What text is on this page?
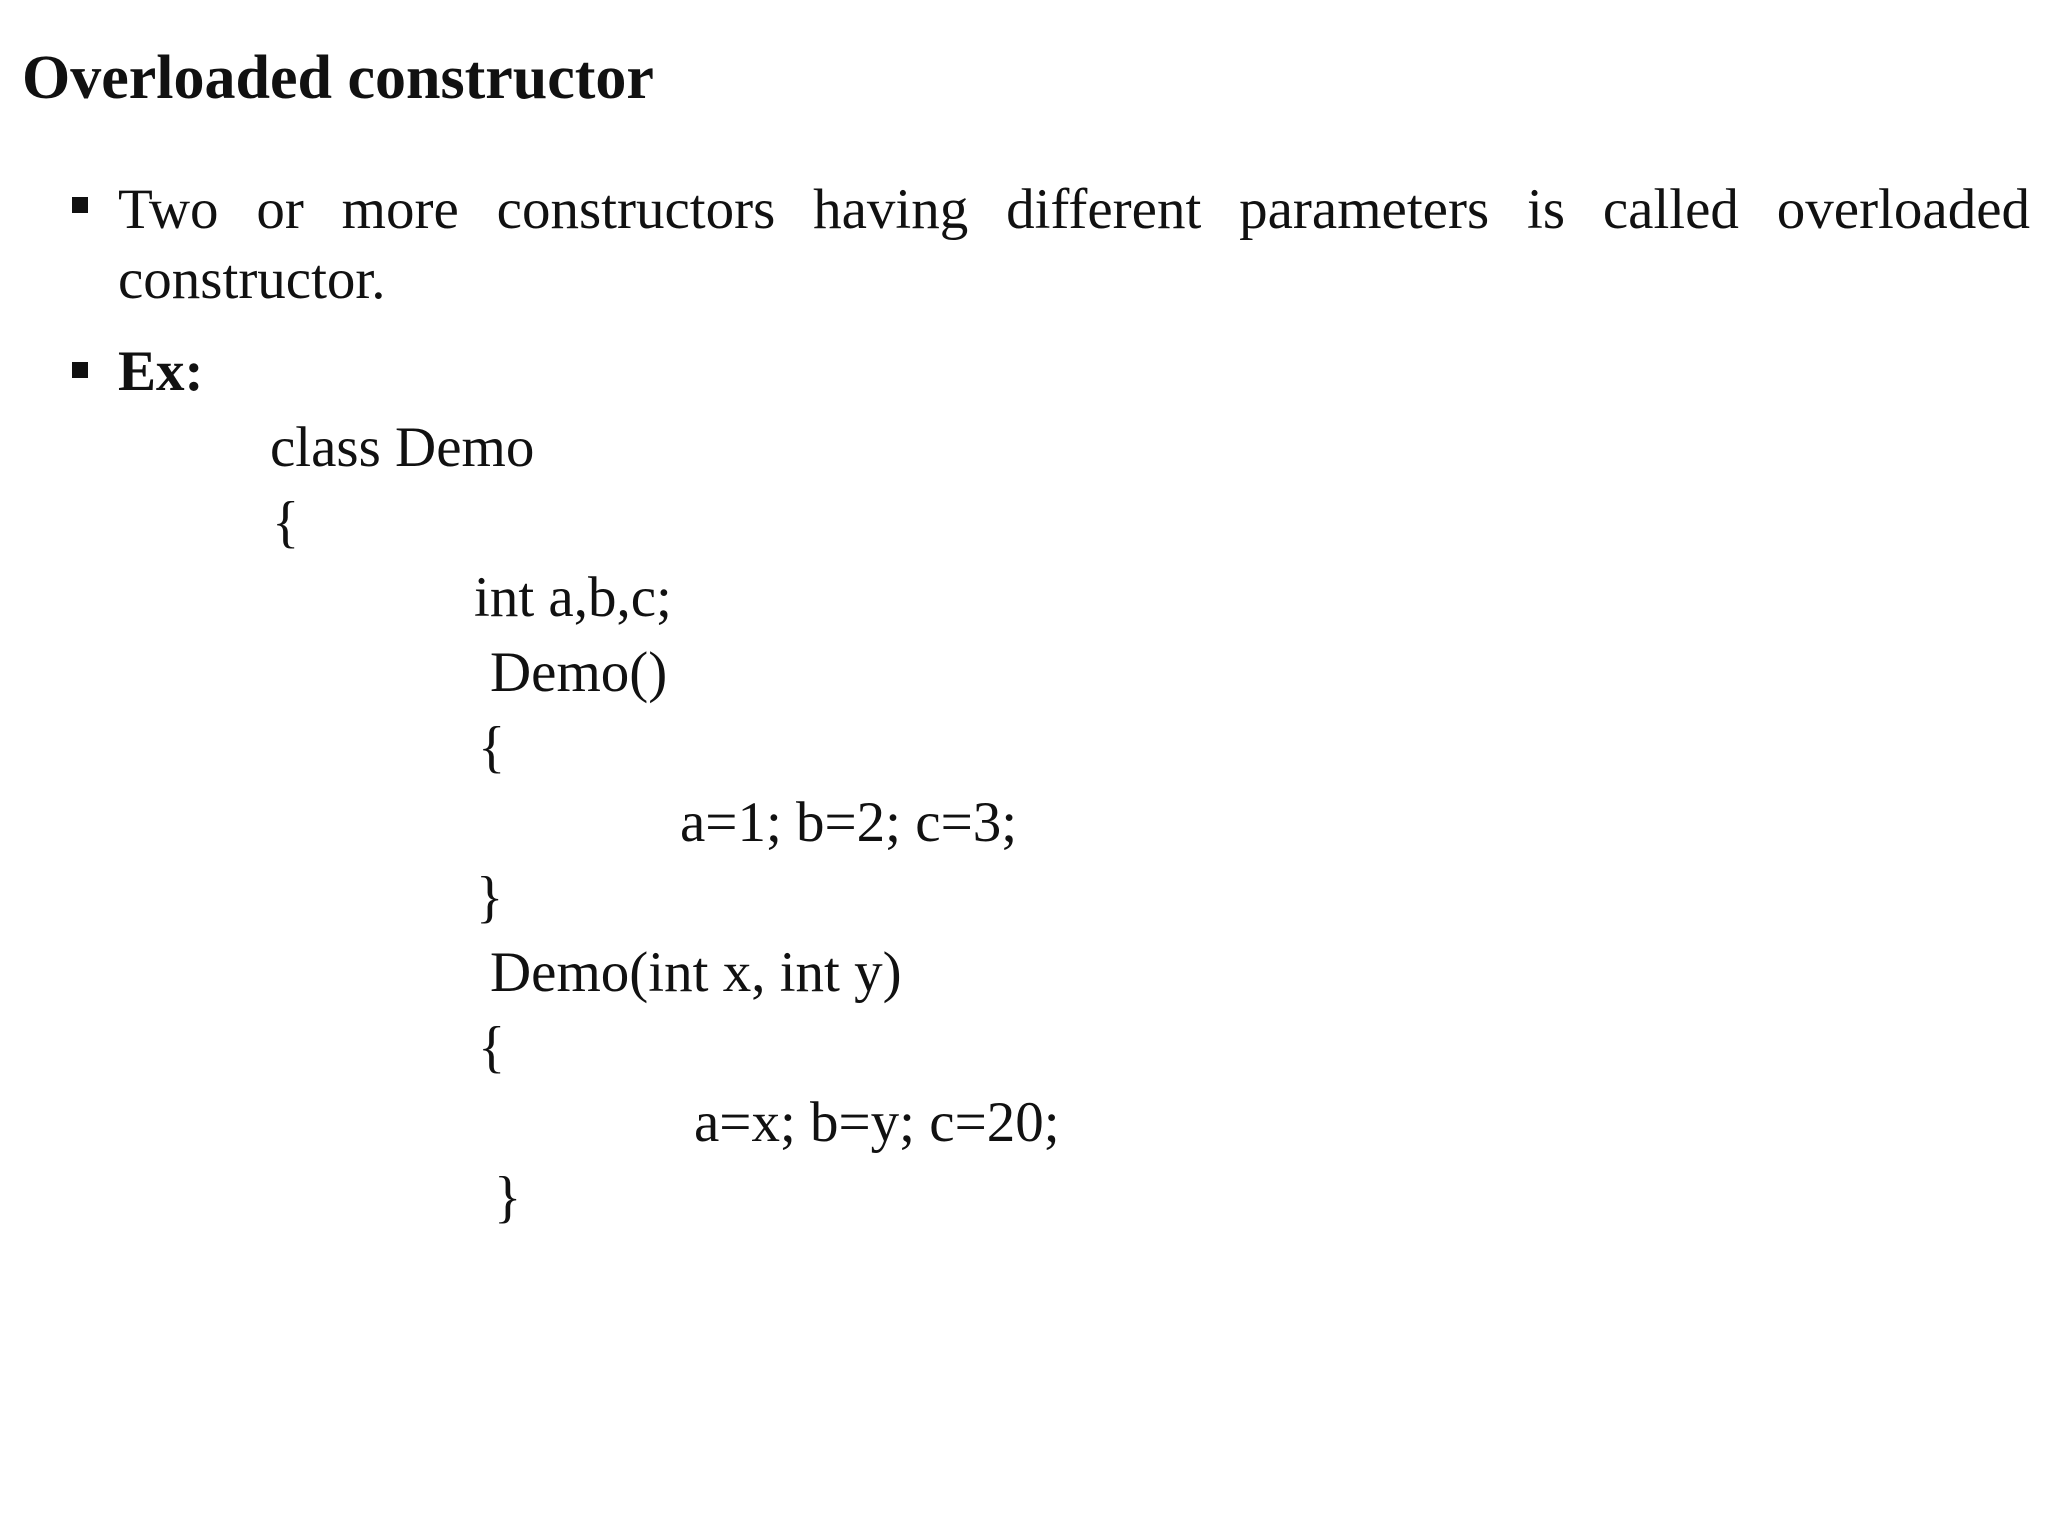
Overloaded constructor
Two or more constructors having different parameters is called overloaded constructor.
Ex:
class Demo
{
int a,b,c;
Demo()
{
a=1; b=2; c=3;
}
Demo(int x, int y)
{
a=x; b=y; c=20;
}
